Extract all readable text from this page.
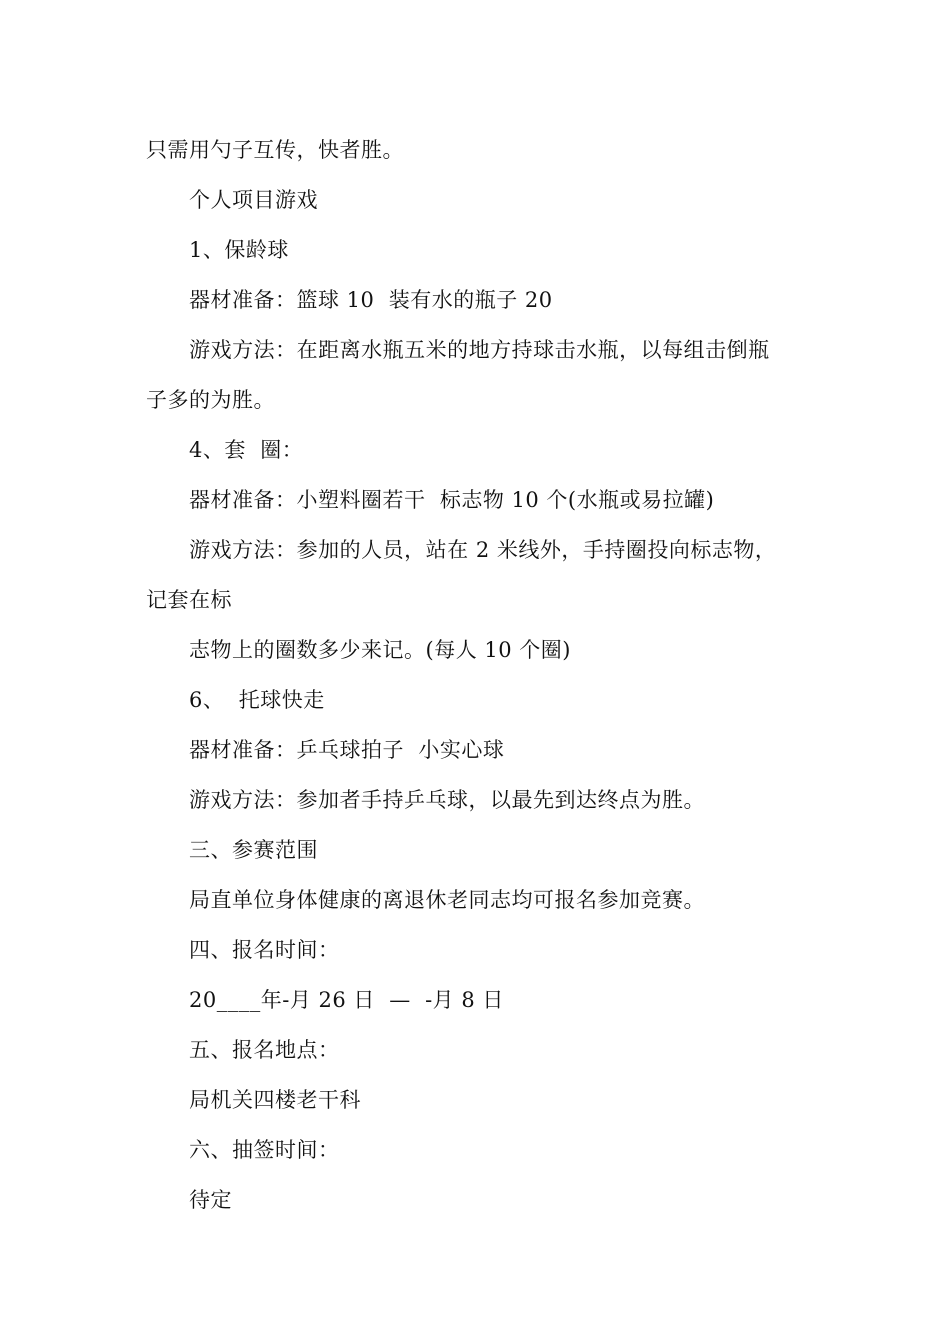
只需用勺子互传，快者胜。
个人项目游戏
1、保龄球
器材准备：篮球 10  装有水的瓶子 20
游戏方法：在距离水瓶五米的地方持球击水瓶，以每组击倒瓶
子多的为胜。
4、套  圈：
器材准备：小塑料圈若干  标志物 10 个(水瓶或易拉罐)
游戏方法：参加的人员，站在 2 米线外，手持圈投向标志物，
记套在标
志物上的圈数多少来记。(每人 10 个圈)
6、  托球快走
器材准备：乒乓球拍子  小实心球
游戏方法：参加者手持乒乓球，以最先到达终点为胜。
三、参赛范围
局直单位身体健康的离退休老同志均可报名参加竞赛。
四、报名时间：
20____年-月 26 日  —  -月 8 日
五、报名地点：
局机关四楼老干科
六、抽签时间：
待定
